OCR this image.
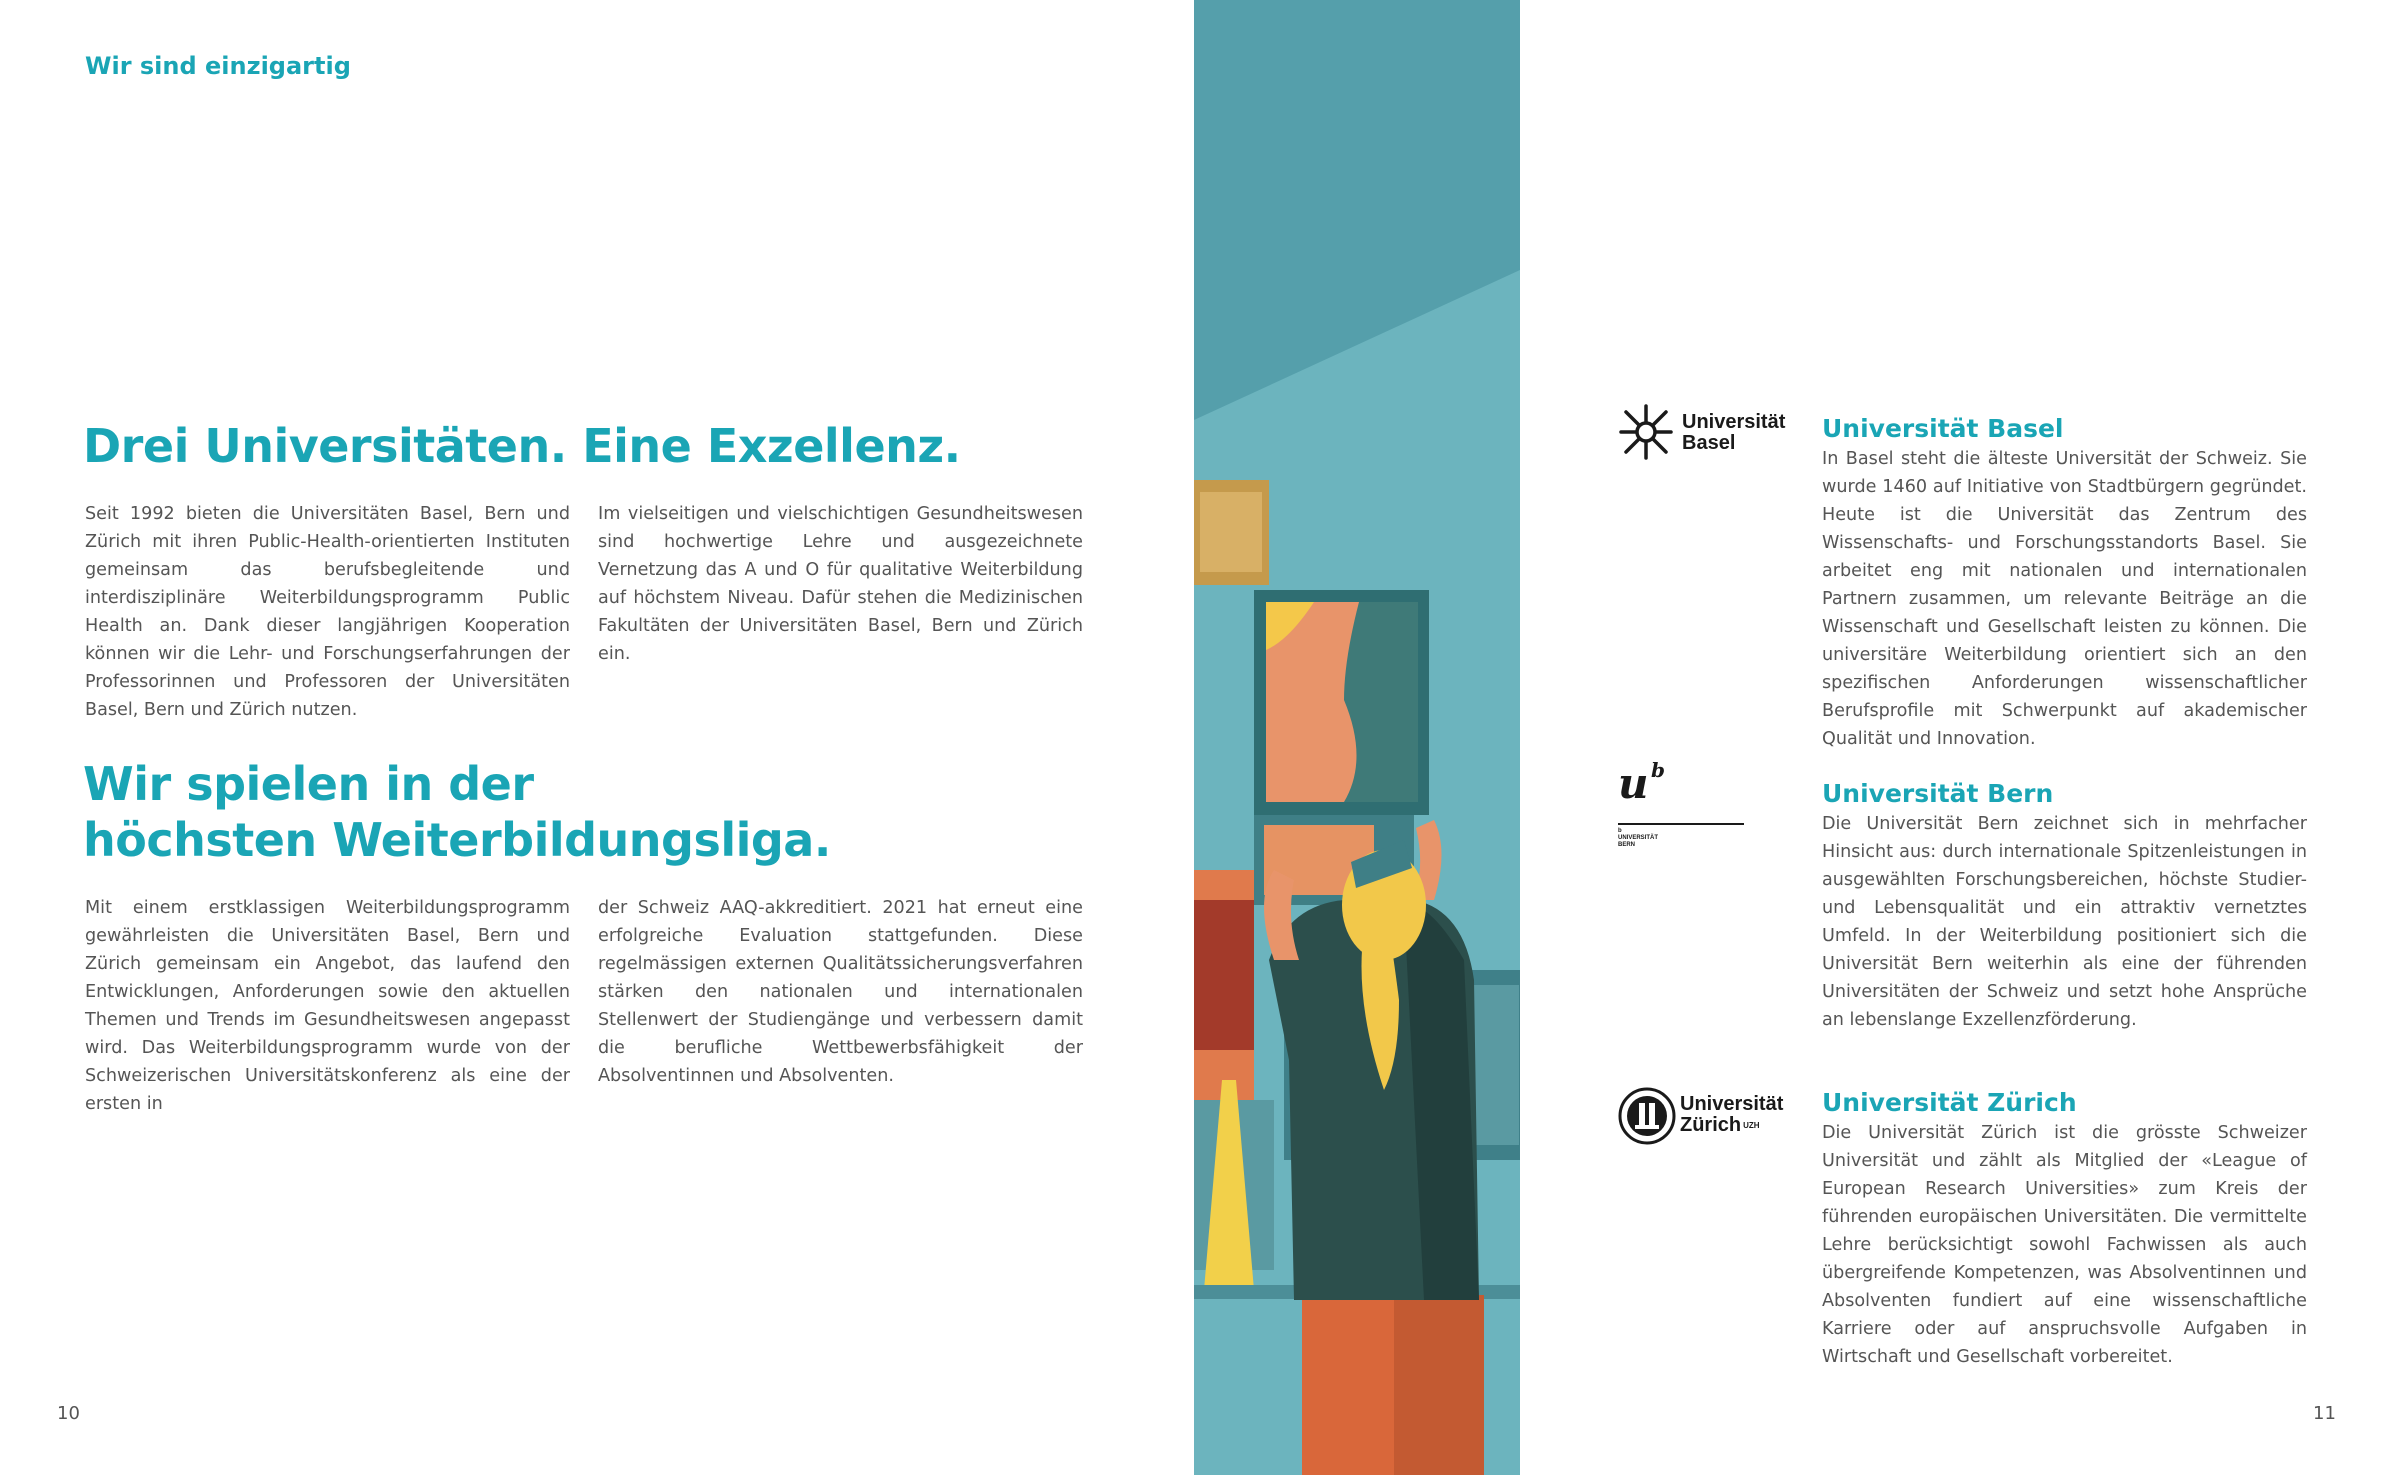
Wir sind einzigartig
Drei Universitäten. Eine Exzellenz.

Seit 1992 bieten die Universitäten Basel, Bern und Zürich mit ihren Public-Health-orientierten Instituten gemeinsam das berufsbegleitende und interdisziplinäre Weiterbildungsprogramm Public Health an. Dank dieser langjährigen Kooperation können wir die Lehr- und Forschungserfahrungen der Professorinnen und Professoren der Universitäten Basel, Bern und Zürich nutzen.

Im vielseitigen und vielschichtigen Gesundheitswesen sind hochwertige Lehre und ausgezeichnete Vernetzung das A und O für qualitative Weiterbildung auf höchstem Niveau. Dafür stehen die Medizinischen Fakultäten der Universitäten Basel, Bern und Zürich ein.

Wir spielen in der
höchsten Weiterbildungsliga.

Mit einem erstklassigen Weiterbildungsprogramm gewährleisten die Universitäten Basel, Bern und Zürich gemeinsam ein Angebot, das laufend den Entwicklungen, Anforderungen sowie den aktuellen Themen und Trends im Gesundheitswesen angepasst wird. Das Weiterbildungsprogramm wurde von der Schweizerischen Universitätskonferenz als eine der ersten in

der Schweiz AAQ-akkreditiert. 2021 hat erneut eine erfolgreiche Evaluation stattgefunden. Diese regelmässigen externen Qualitätssicherungsverfahren stärken den nationalen und internationalen Stellenwert der Studiengänge und verbessern damit die berufliche Wettbewerbsfähigkeit der Absolventinnen und Absolventen.

10
Universität
Basel	Universität Basel

In Basel steht die älteste Universität der Schweiz. Sie wurde 1460 auf Initiative von Stadtbürgern gegründet. Heute ist die Universität das Zentrum des Wissenschafts- und Forschungsstandorts Basel. Sie arbeitet eng mit nationalen und internationalen Partnern zusammen, um relevante Beiträge an die Wissenschaft und Gesellschaft leisten zu können. Die universitäre Weiterbildung orientiert sich an den spezifischen Anforderungen wissenschaftlicher Berufsprofile mit Schwerpunkt auf akademischer Qualität und Innovation.

u b
b
UNIVERSITÄT
BERN
Universität Bern

Die Universität Bern zeichnet sich in mehrfacher Hinsicht aus: durch internationale Spitzenleistungen in ausgewählten Forschungsbereichen, höchste Studier- und Lebensqualität und ein attraktiv vernetztes Umfeld. In der Weiterbildung positioniert sich die Universität Bern weiterhin als eine der führenden Universitäten der Schweiz und setzt hohe Ansprüche an lebenslange Exzellenzförderung.

Universität
Zürich $^{UZH}$
Universität Zürich

Die Universität Zürich ist die grösste Schweizer Universität und zählt als Mitglied der «League of European Research Universities» zum Kreis der führenden europäischen Universitäten. Die vermittelte Lehre berücksichtigt sowohl Fachwissen als auch übergreifende Kompetenzen, was Absolventinnen und Absolventen fundiert auf eine wissenschaftliche Karriere oder auf anspruchsvolle Aufgaben in Wirtschaft und Gesellschaft vorbereitet.

11
